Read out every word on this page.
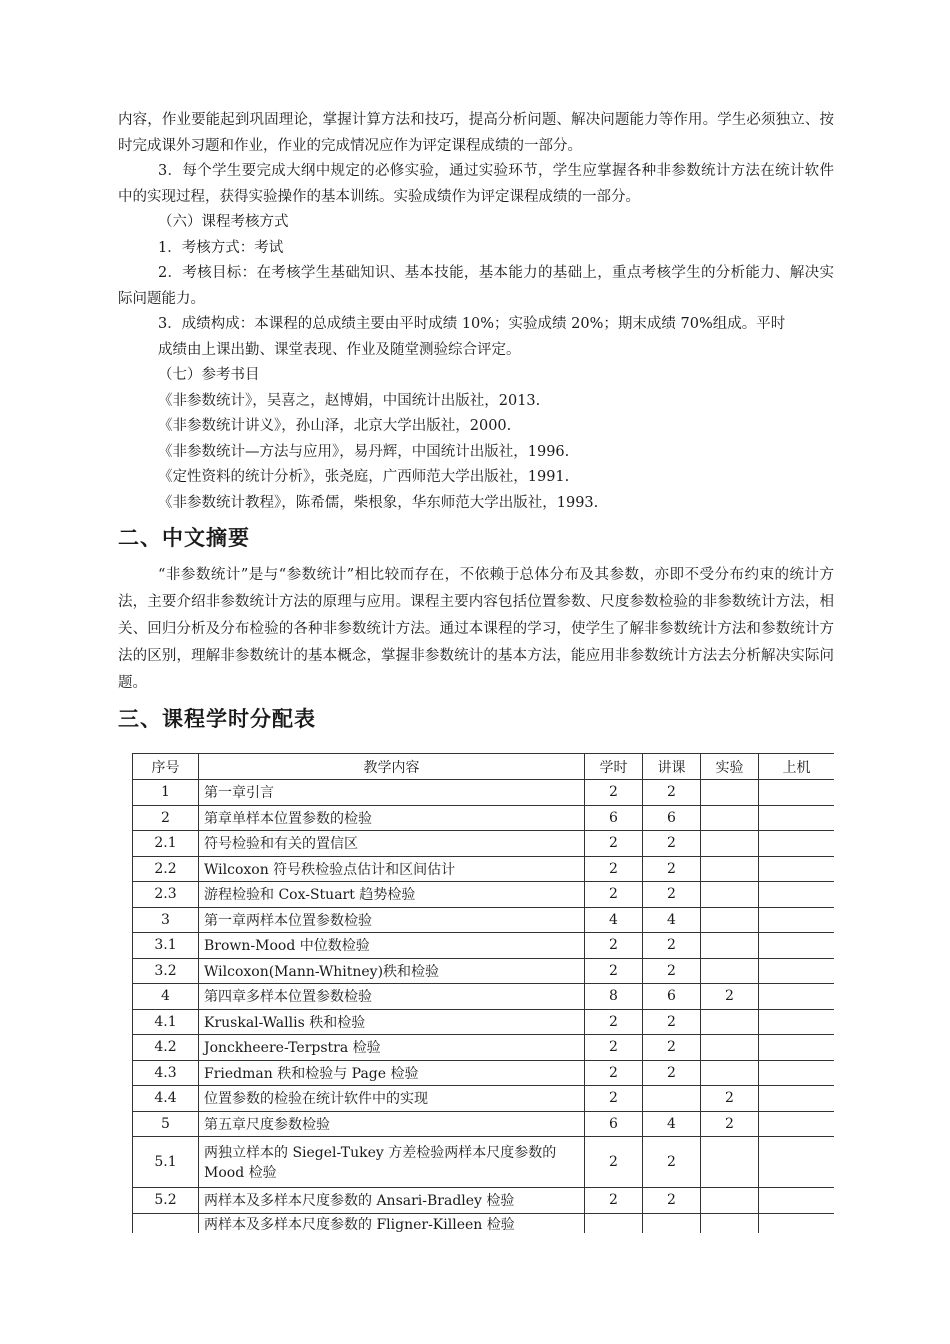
内容，作业要能起到巩固理论，掌握计算方法和技巧，提高分析问题、解决问题能力等作用。学生必须独立、按时完成课外习题和作业，作业的完成情况应作为评定课程成绩的一部分。

3．每个学生要完成大纲中规定的必修实验，通过实验环节，学生应掌握各种非参数统计方法在统计软件中的实现过程，获得实验操作的基本训练。实验成绩作为评定课程成绩的一部分。

（六）课程考核方式

1．考核方式：考试

2．考核目标：在考核学生基础知识、基本技能，基本能力的基础上，重点考核学生的分析能力、解决实际问题能力。

3．成绩构成：本课程的总成绩主要由平时成绩 10%；实验成绩 20%；期末成绩 70%组成。平时

成绩由上课出勤、课堂表现、作业及随堂测验综合评定。

（七）参考书目

《非参数统计》，吴喜之，赵博娟，中国统计出版社，2013.

《非参数统计讲义》，孙山泽，北京大学出版社，2000.

《非参数统计—方法与应用》，易丹辉，中国统计出版社，1996.

《定性资料的统计分析》，张尧庭，广西师范大学出版社，1991.

《非参数统计教程》，陈希儒，柴根象，华东师范大学出版社，1993.

二、中文摘要

“非参数统计”是与“参数统计”相比较而存在，不依赖于总体分布及其参数，亦即不受分布约束的统计方法，主要介绍非参数统计方法的原理与应用。课程主要内容包括位置参数、尺度参数检验的非参数统计方法，相关、回归分析及分布检验的各种非参数统计方法。通过本课程的学习，使学生了解非参数统计方法和参数统计方法的区别，理解非参数统计的基本概念，掌握非参数统计的基本方法，能应用非参数统计方法去分析解决实际问题。

三、课程学时分配表
序号	教学内容	学时	讲课	实验	上机
1	第一章引言	2	2		
2	第章单样本位置参数的检验	6	6		
2.1	符号检验和有关的置信区	2	2		
2.2	Wilcoxon 符号秩检验点估计和区间估计	2	2		
2.3	游程检验和 Cox-Stuart 趋势检验	2	2		
3	第一章两样本位置参数检验	4	4		
3.1	Brown-Mood 中位数检验	2	2		
3.2	Wilcoxon(Mann-Whitney)秩和检验	2	2		
4	第四章多样本位置参数检验	8	6	2	
4.1	Kruskal-Wallis 秩和检验	2	2		
4.2	Jonckheere-Terpstra 检验	2	2		
4.3	Friedman 秩和检验与 Page 检验	2	2		
4.4	位置参数的检验在统计软件中的实现	2		2	
5	第五章尺度参数检验	6	4	2	
5.1	两独立样本的 Siegel-Tukey 方差检验两样本尺度参数的 Mood 检验	2	2		
5.2	两样本及多样本尺度参数的 Ansari-Bradley 检验	2	2		
	两样本及多样本尺度参数的 Fligner-Killeen 检验				
